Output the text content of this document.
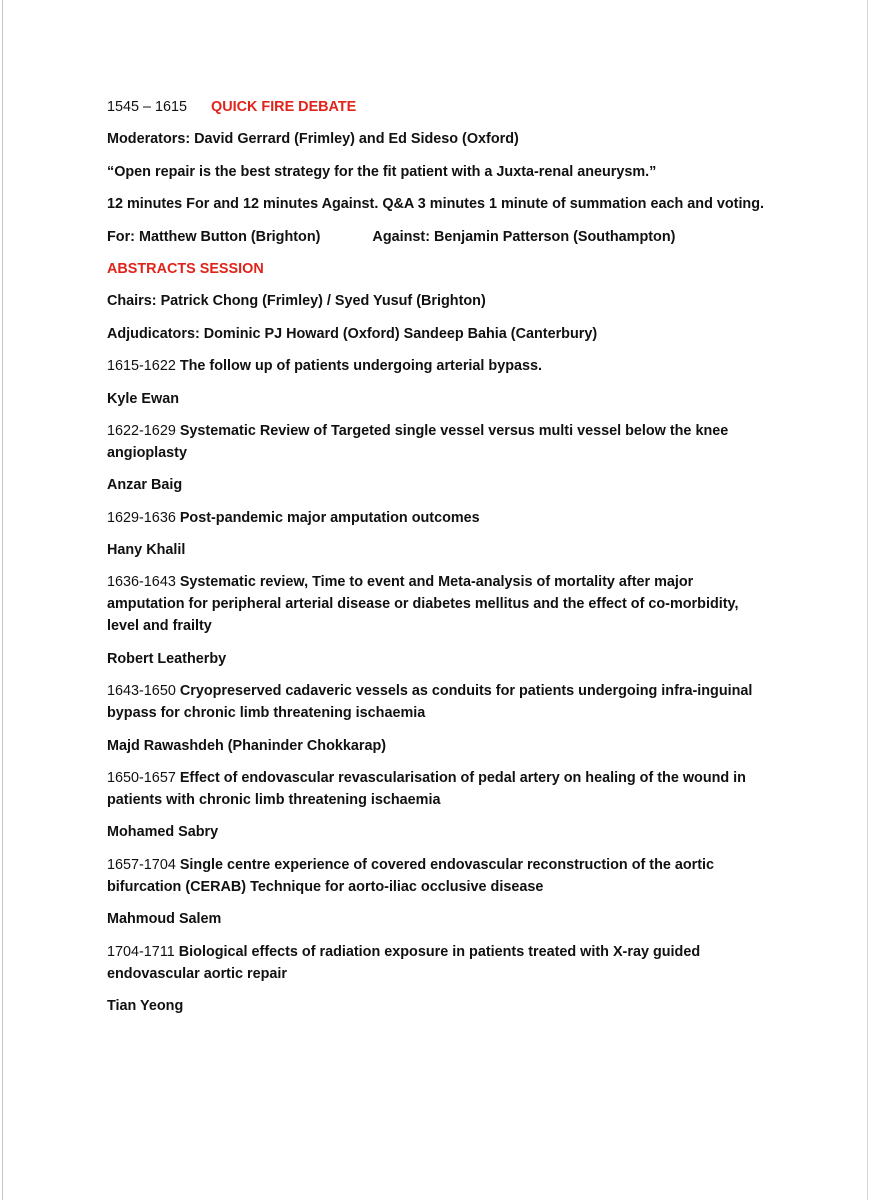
1545 – 1615 QUICK FIRE DEBATE
Moderators: David Gerrard (Frimley) and Ed Sideso (Oxford)
“Open repair is the best strategy for the fit patient with a Juxta-renal aneurysm.”
12 minutes For and 12 minutes Against. Q&A 3 minutes 1 minute of summation each and voting.
For: Matthew Button (Brighton)	Against: Benjamin Patterson (Southampton)
ABSTRACTS SESSION
Chairs: Patrick Chong (Frimley) / Syed Yusuf (Brighton)
Adjudicators: Dominic PJ Howard (Oxford) Sandeep Bahia (Canterbury)
1615-1622 The follow up of patients undergoing arterial bypass.
Kyle Ewan
1622-1629 Systematic Review of Targeted single vessel versus multi vessel below the knee angioplasty
Anzar Baig
1629-1636 Post-pandemic major amputation outcomes
Hany Khalil
1636-1643 Systematic review, Time to event and Meta-analysis of mortality after major amputation for peripheral arterial disease or diabetes mellitus and the effect of co-morbidity, level and frailty
Robert Leatherby
1643-1650 Cryopreserved cadaveric vessels as conduits for patients undergoing infra-inguinal bypass for chronic limb threatening ischaemia
Majd Rawashdeh (Phaninder Chokkarap)
1650-1657 Effect of endovascular revascularisation of pedal artery on healing of the wound in patients with chronic limb threatening ischaemia
Mohamed Sabry
1657-1704 Single centre experience of covered endovascular reconstruction of the aortic bifurcation (CERAB) Technique for aorto-iliac occlusive disease
Mahmoud Salem
1704-1711 Biological effects of radiation exposure in patients treated with X-ray guided endovascular aortic repair
Tian Yeong
